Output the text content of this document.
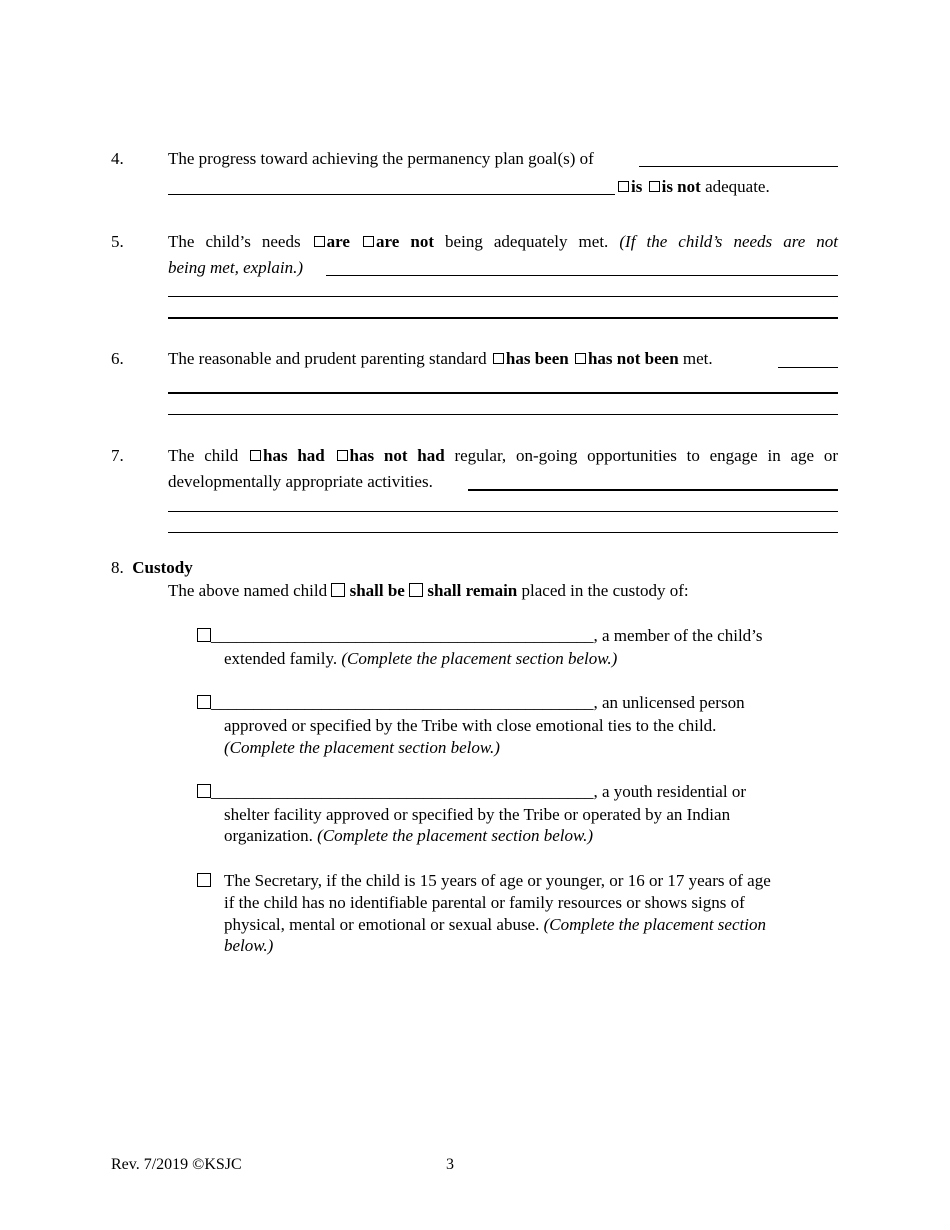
4.	The progress toward achieving the permanency plan goal(s) of
is is not adequate.
5.	The child’s needs are are not being adequately met. (If the child’s needs are not
being met, explain.)
6.	The reasonable and prudent parenting standard has been has not been met.
7.	The child has had has not had regular, on-going opportunities to engage in age or
developmentally appropriate activities.
8. Custody
The above named child shall be shall remain placed in the custody of:
_____________________________________________, a member of the child’s
extended family. (Complete the placement section below.)
_____________________________________________, an unlicensed person
approved or specified by the Tribe with close emotional ties to the child.
(Complete the placement section below.)
_____________________________________________, a youth residential or
shelter facility approved or specified by the Tribe or operated by an Indian
organization. (Complete the placement section below.)
The Secretary, if the child is 15 years of age or younger, or 16 or 17 years of age
if the child has no identifiable parental or family resources or shows signs of
physical, mental or emotional or sexual abuse. (Complete the placement section
below.)
Rev. 7/2019 ©KSJC	3
